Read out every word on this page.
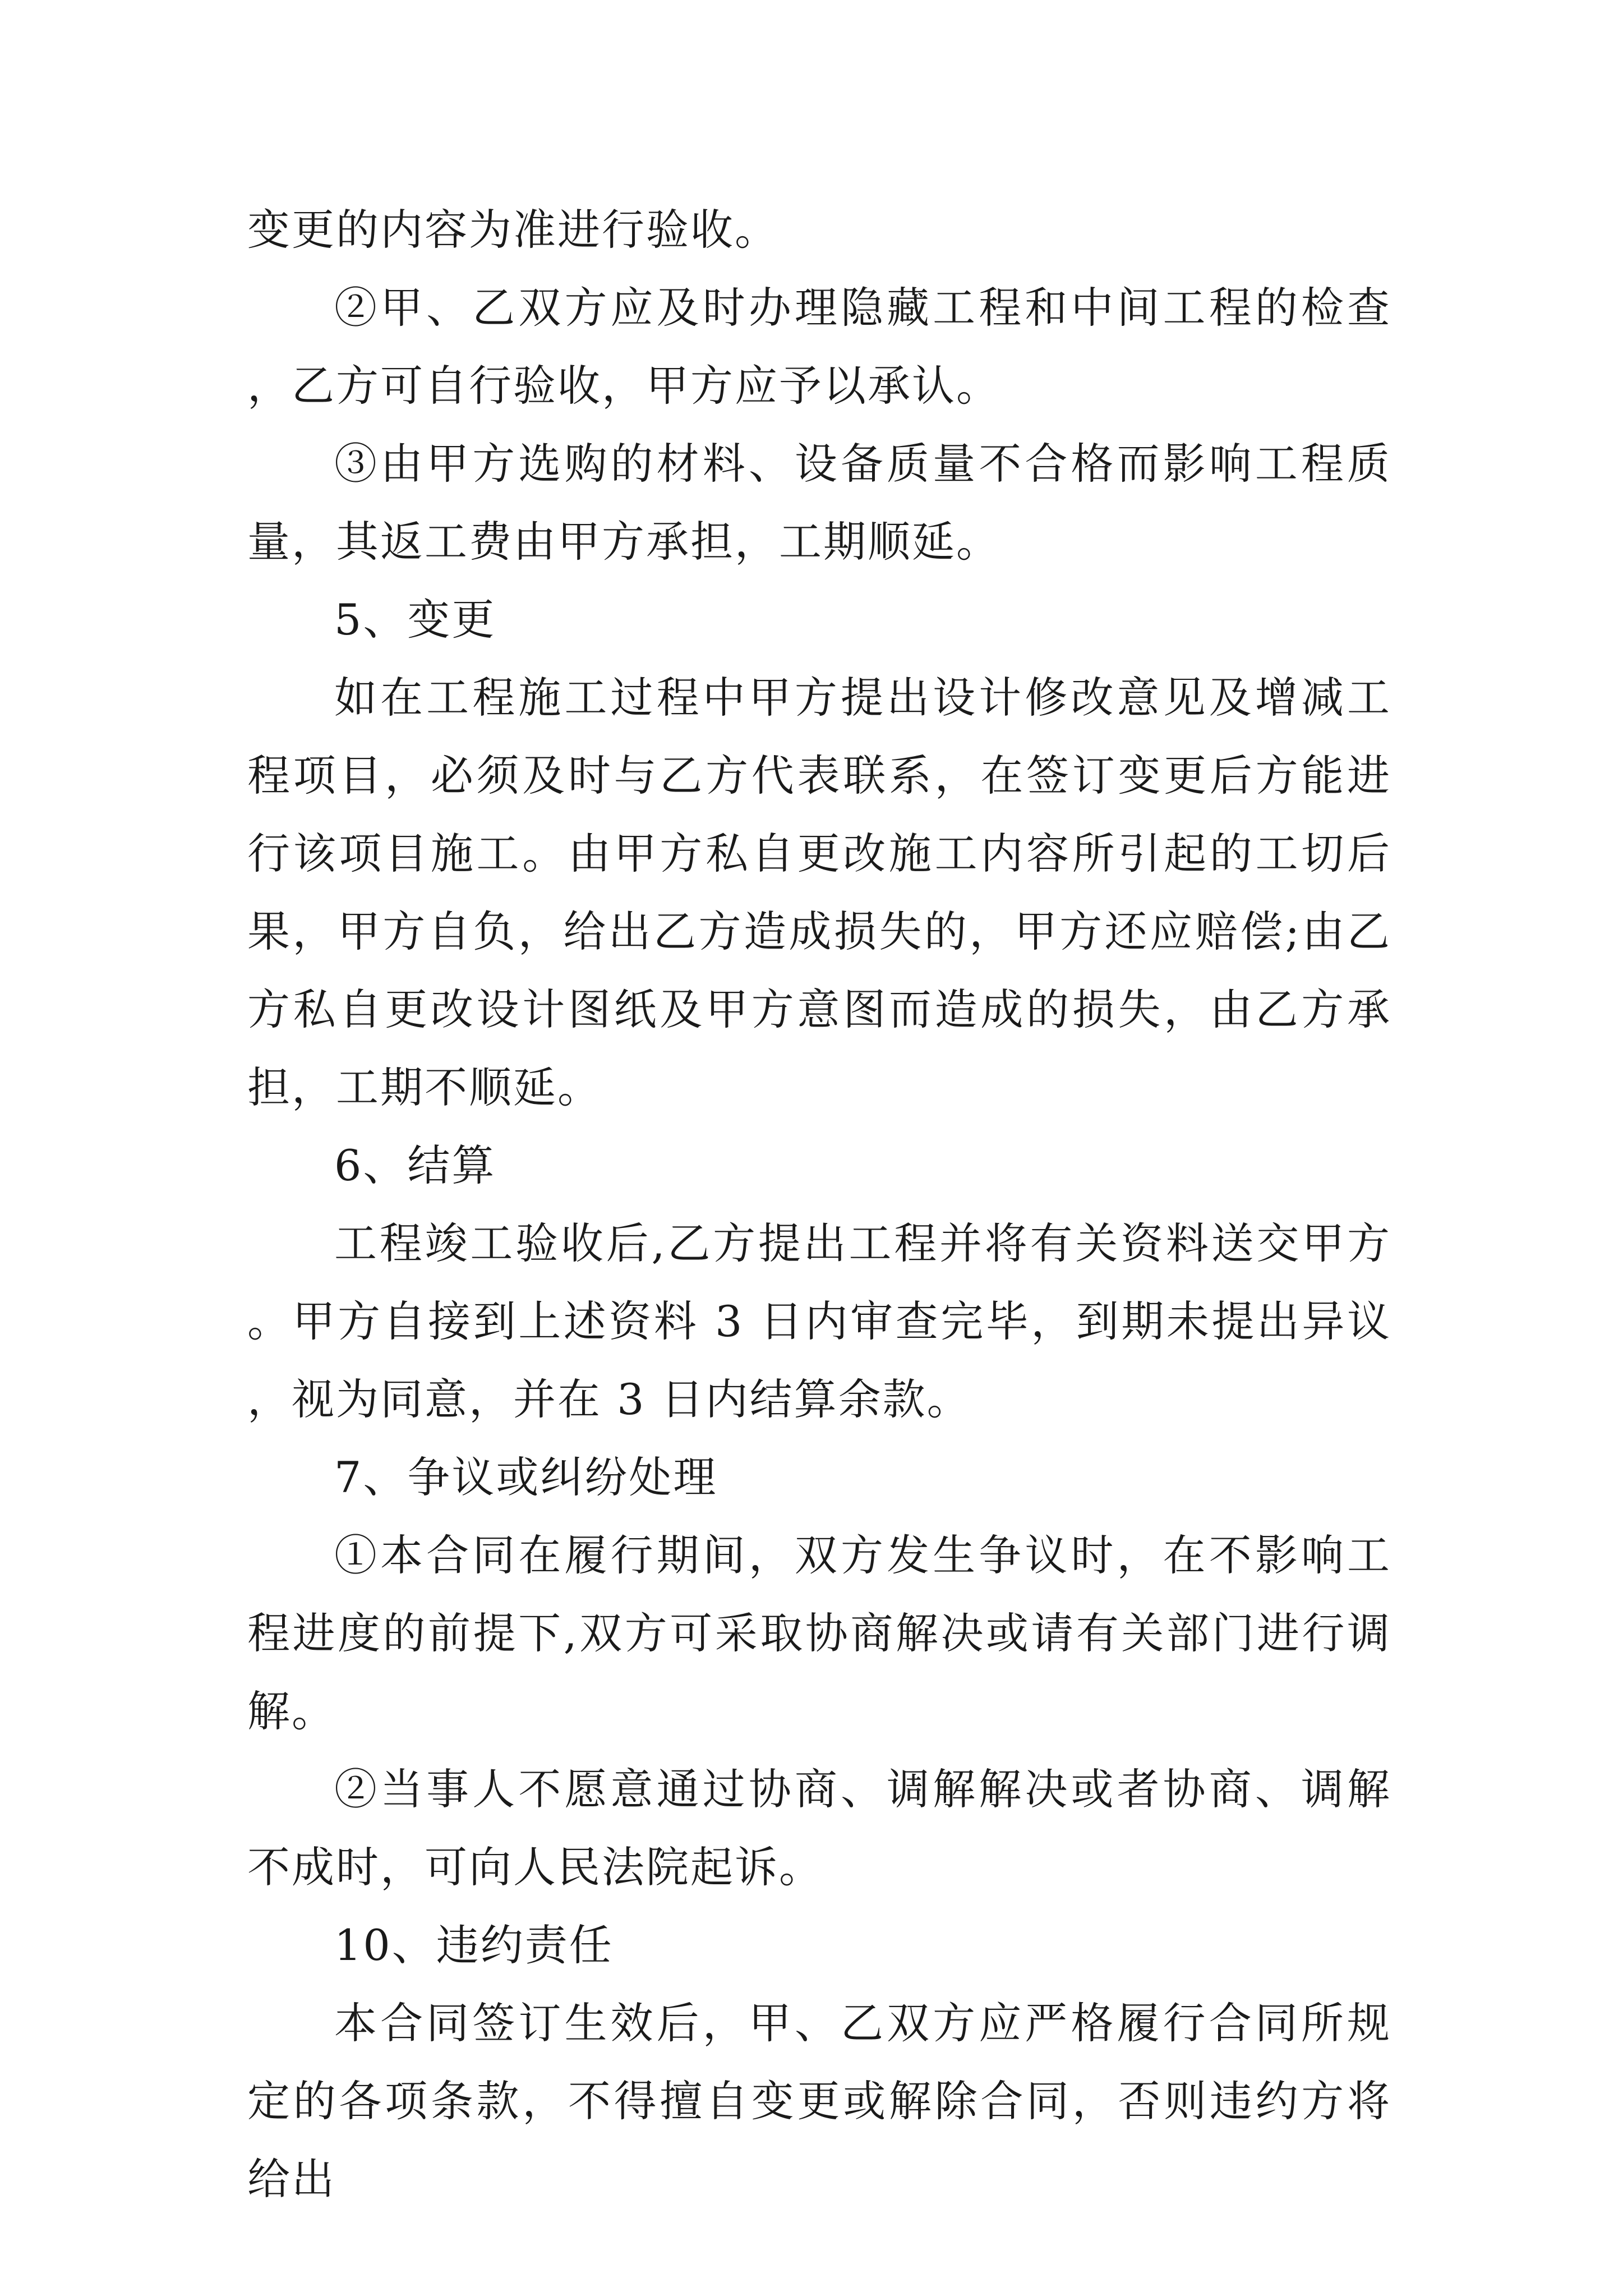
变更的内容为准进行验收。

②甲、乙双方应及时办理隐藏工程和中间工程的检查，乙方可自行验收，甲方应予以承认。

③由甲方选购的材料、设备质量不合格而影响工程质量，其返工费由甲方承担，工期顺延。

5、变更

如在工程施工过程中甲方提出设计修改意见及增减工程项目，必须及时与乙方代表联系，在签订变更后方能进行该项目施工。由甲方私自更改施工内容所引起的工切后果，甲方自负，给出乙方造成损失的，甲方还应赔偿;由乙方私自更改设计图纸及甲方意图而造成的损失，由乙方承担，工期不顺延。

6、结算

工程竣工验收后,乙方提出工程并将有关资料送交甲方。甲方自接到上述资料 3 日内审查完毕，到期未提出异议，视为同意，并在 3 日内结算余款。

7、争议或纠纷处理

①本合同在履行期间，双方发生争议时，在不影响工程进度的前提下,双方可采取协商解决或请有关部门进行调解。

②当事人不愿意通过协商、调解解决或者协商、调解不成时，可向人民法院起诉。

10、违约责任

本合同签订生效后，甲、乙双方应严格履行合同所规定的各项条款，不得擅自变更或解除合同，否则违约方将给出
